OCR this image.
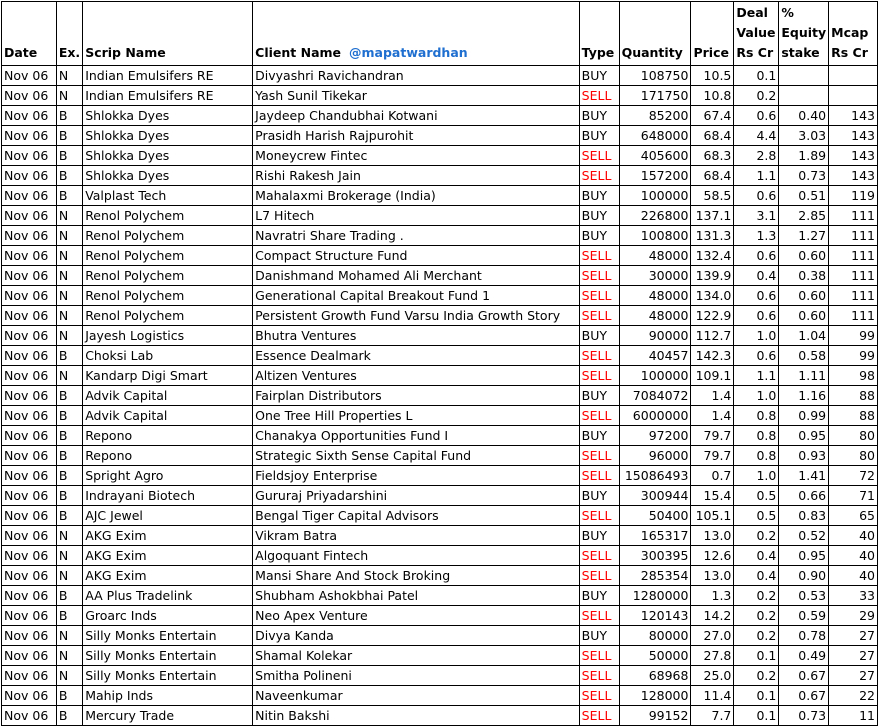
Date	Ex.	Scrip Name	Client Name @mapatwardhan	Type	Quantity	Price	Deal Value Rs Cr	% Equity stake	Mcap Rs Cr
Nov 06	N	Indian Emulsifers RE	Divyashri Ravichandran	BUY	108750	10.5	0.1		
Nov 06	N	Indian Emulsifers RE	Yash Sunil Tikekar	SELL	171750	10.8	0.2		
Nov 06	B	Shlokka Dyes	Jaydeep Chandubhai Kotwani	BUY	85200	67.4	0.6	0.40	143
Nov 06	B	Shlokka Dyes	Prasidh Harish Rajpurohit	BUY	648000	68.4	4.4	3.03	143
Nov 06	B	Shlokka Dyes	Moneycrew Fintec	SELL	405600	68.3	2.8	1.89	143
Nov 06	B	Shlokka Dyes	Rishi Rakesh Jain	SELL	157200	68.4	1.1	0.73	143
Nov 06	B	Valplast Tech	Mahalaxmi Brokerage (India)	BUY	100000	58.5	0.6	0.51	119
Nov 06	N	Renol Polychem	L7 Hitech	BUY	226800	137.1	3.1	2.85	111
Nov 06	N	Renol Polychem	Navratri Share Trading .	BUY	100800	131.3	1.3	1.27	111
Nov 06	N	Renol Polychem	Compact Structure Fund	SELL	48000	132.4	0.6	0.60	111
Nov 06	N	Renol Polychem	Danishmand Mohamed Ali Merchant	SELL	30000	139.9	0.4	0.38	111
Nov 06	N	Renol Polychem	Generational Capital Breakout Fund 1	SELL	48000	134.0	0.6	0.60	111
Nov 06	N	Renol Polychem	Persistent Growth Fund Varsu India Growth Story	SELL	48000	122.9	0.6	0.60	111
Nov 06	N	Jayesh Logistics	Bhutra Ventures	BUY	90000	112.7	1.0	1.04	99
Nov 06	B	Choksi Lab	Essence Dealmark	SELL	40457	142.3	0.6	0.58	99
Nov 06	N	Kandarp Digi Smart	Altizen Ventures	SELL	100000	109.1	1.1	1.11	98
Nov 06	B	Advik Capital	Fairplan Distributors	BUY	7084072	1.4	1.0	1.16	88
Nov 06	B	Advik Capital	One Tree Hill Properties L	SELL	6000000	1.4	0.8	0.99	88
Nov 06	B	Repono	Chanakya Opportunities Fund I	BUY	97200	79.7	0.8	0.95	80
Nov 06	B	Repono	Strategic Sixth Sense Capital Fund	SELL	96000	79.7	0.8	0.93	80
Nov 06	B	Spright Agro	Fieldsjoy Enterprise	SELL	15086493	0.7	1.0	1.41	72
Nov 06	B	Indrayani Biotech	Gururaj Priyadarshini	BUY	300944	15.4	0.5	0.66	71
Nov 06	B	AJC Jewel	Bengal Tiger Capital Advisors	SELL	50400	105.1	0.5	0.83	65
Nov 06	N	AKG Exim	Vikram Batra	BUY	165317	13.0	0.2	0.52	40
Nov 06	N	AKG Exim	Algoquant Fintech	SELL	300395	12.6	0.4	0.95	40
Nov 06	N	AKG Exim	Mansi Share And Stock Broking	SELL	285354	13.0	0.4	0.90	40
Nov 06	B	AA Plus Tradelink	Shubham Ashokbhai Patel	BUY	1280000	1.3	0.2	0.53	33
Nov 06	B	Groarc Inds	Neo Apex Venture	SELL	120143	14.2	0.2	0.59	29
Nov 06	N	Silly Monks Entertain	Divya Kanda	BUY	80000	27.0	0.2	0.78	27
Nov 06	N	Silly Monks Entertain	Shamal Kolekar	SELL	50000	27.8	0.1	0.49	27
Nov 06	N	Silly Monks Entertain	Smitha Polineni	SELL	68968	25.0	0.2	0.67	27
Nov 06	B	Mahip Inds	Naveenkumar	SELL	128000	11.4	0.1	0.67	22
Nov 06	B	Mercury Trade	Nitin Bakshi	SELL	99152	7.7	0.1	0.73	11
